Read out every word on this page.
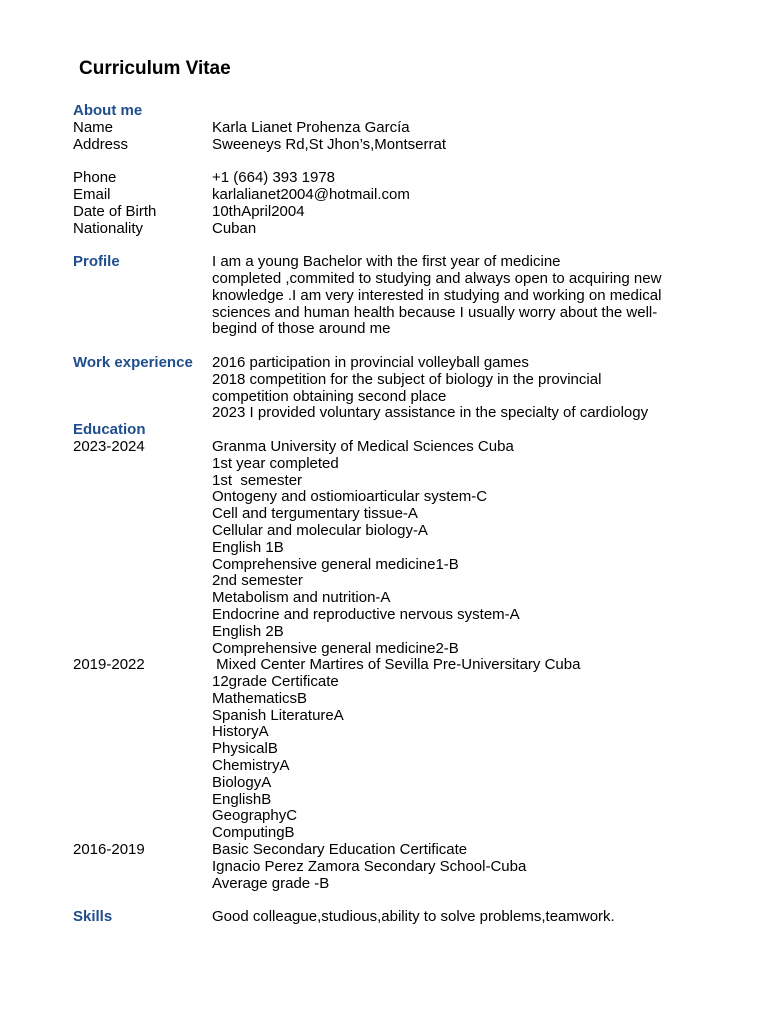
Curriculum Vitae
About me
Name	Karla Lianet Prohenza García
Address	Sweeneys Rd,St Jhon’s,Montserrat
Phone	+1 (664) 393 1978
Email	karlalianet2004@hotmail.com
Date of Birth	10thApril2004
Nationality	Cuban
Profile	I am a young Bachelor with the first year of medicine
completed ,commited to studying and always open to acquiring new
knowledge .I am very interested in studying and working on medical
sciences and human health because I usually worry about the well-
begind of those around me
Work experience	2016 participation in provincial volleyball games
2018 competition for the subject of biology in the provincial
competition obtaining second place
2023 I provided voluntary assistance in the specialty of cardiology
Education
2023-2024	Granma University of Medical Sciences Cuba
1st year completed
1st  semester
Ontogeny and ostiomioarticular system-C
Cell and tergumentary tissue-A
Cellular and molecular biology-A
English 1B
Comprehensive general medicine1-B
2nd semester
Metabolism and nutrition-A
Endocrine and reproductive nervous system-A
English 2B
Comprehensive general medicine2-B
2019-2022	Mixed Center Martires of Sevilla Pre-Universitary Cuba
12grade Certificate
MathematicsB
Spanish LiteratureA
HistoryA
PhysicalB
ChemistryA
BiologyA
EnglishB
GeographyC
ComputingB
2016-2019	Basic Secondary Education Certificate
Ignacio Perez Zamora Secondary School-Cuba
Average grade -B
Skills	Good colleague,studious,ability to solve problems,teamwork.
